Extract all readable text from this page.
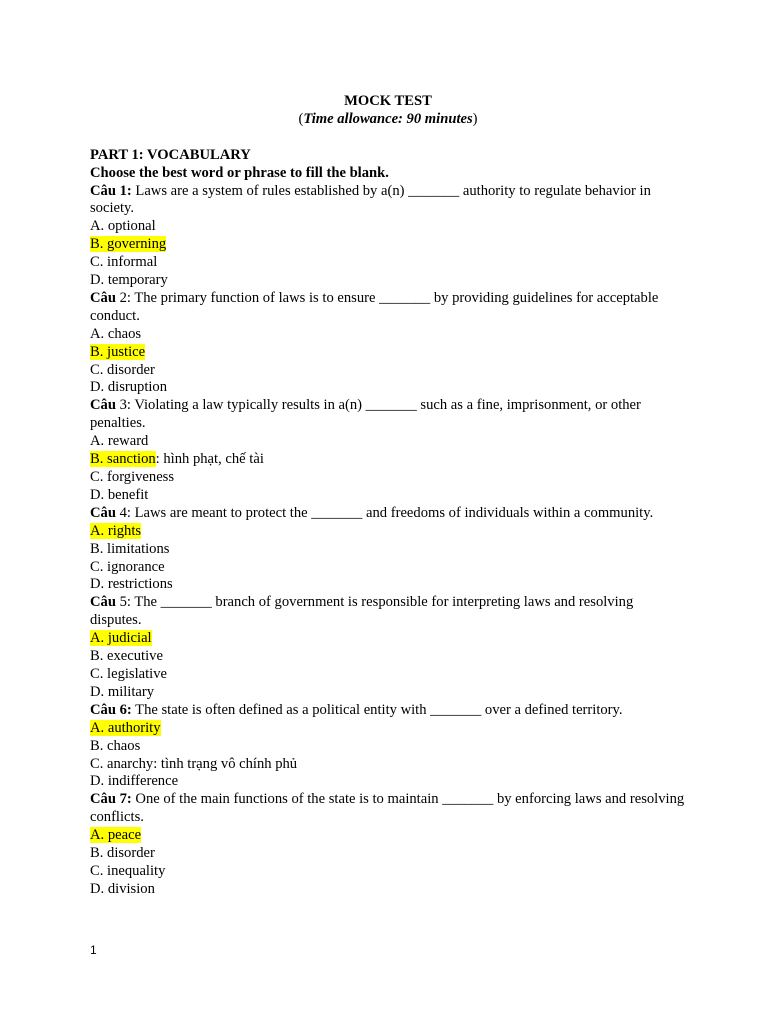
MOCK TEST
(Time allowance: 90 minutes)
PART 1: VOCABULARY
Choose the best word or phrase to fill the blank.
Câu 1: Laws are a system of rules established by a(n) _______ authority to regulate behavior in society.
A. optional
B. governing
C. informal
D. temporary
Câu 2: The primary function of laws is to ensure _______ by providing guidelines for acceptable conduct.
A. chaos
B. justice
C. disorder
D. disruption
Câu 3: Violating a law typically results in a(n) _______ such as a fine, imprisonment, or other penalties.
A. reward
B. sanction: hình phạt, chế tài
C. forgiveness
D. benefit
Câu 4: Laws are meant to protect the _______ and freedoms of individuals within a community.
A. rights
B. limitations
C. ignorance
D. restrictions
Câu 5: The _______ branch of government is responsible for interpreting laws and resolving disputes.
A. judicial
B. executive
C. legislative
D. military
Câu 6: The state is often defined as a political entity with _______ over a defined territory.
A. authority
B. chaos
C. anarchy: tình trạng vô chính phủ
D. indifference
Câu 7: One of the main functions of the state is to maintain _______ by enforcing laws and resolving conflicts.
A. peace
B. disorder
C. inequality
D. division
1
